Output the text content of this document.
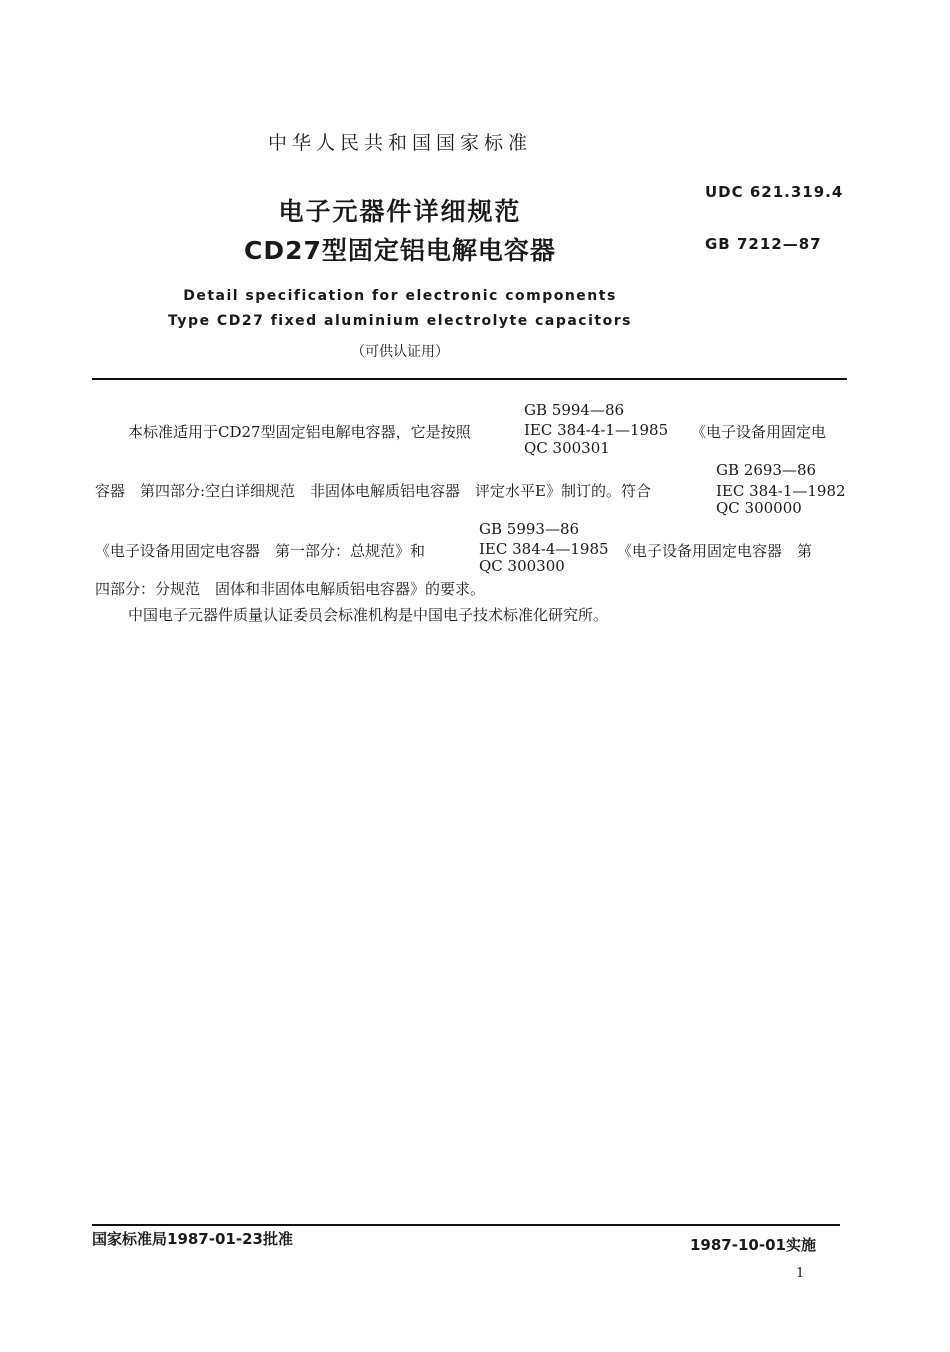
中华人民共和国国家标准
UDC 621.319.4
GB 7212—87
电子元器件详细规范
CD27型固定铝电解电容器
Detail specification for electronic components
Type CD27 fixed aluminium electrolyte capacitors
（可供认证用）
本标准适用于CD27型固定铝电解电容器，它是按照
GB 5994—86
IEC 384-4-1—1985
QC 300301
《电子设备用固定电
容器　第四部分:空白详细规范　非固体电解质铝电容器　评定水平E》制订的。符合
GB 2693—86
IEC 384-1—1982
QC 300000
《电子设备用固定电容器　第一部分：总规范》和
GB 5993—86
IEC 384-4—1985
QC 300300
《电子设备用固定电容器　第
四部分：分规范　固体和非固体电解质铝电容器》的要求。
中国电子元器件质量认证委员会标准机构是中国电子技术标准化研究所。
国家标准局1987-01-23批准	1987-10-01实施
1
